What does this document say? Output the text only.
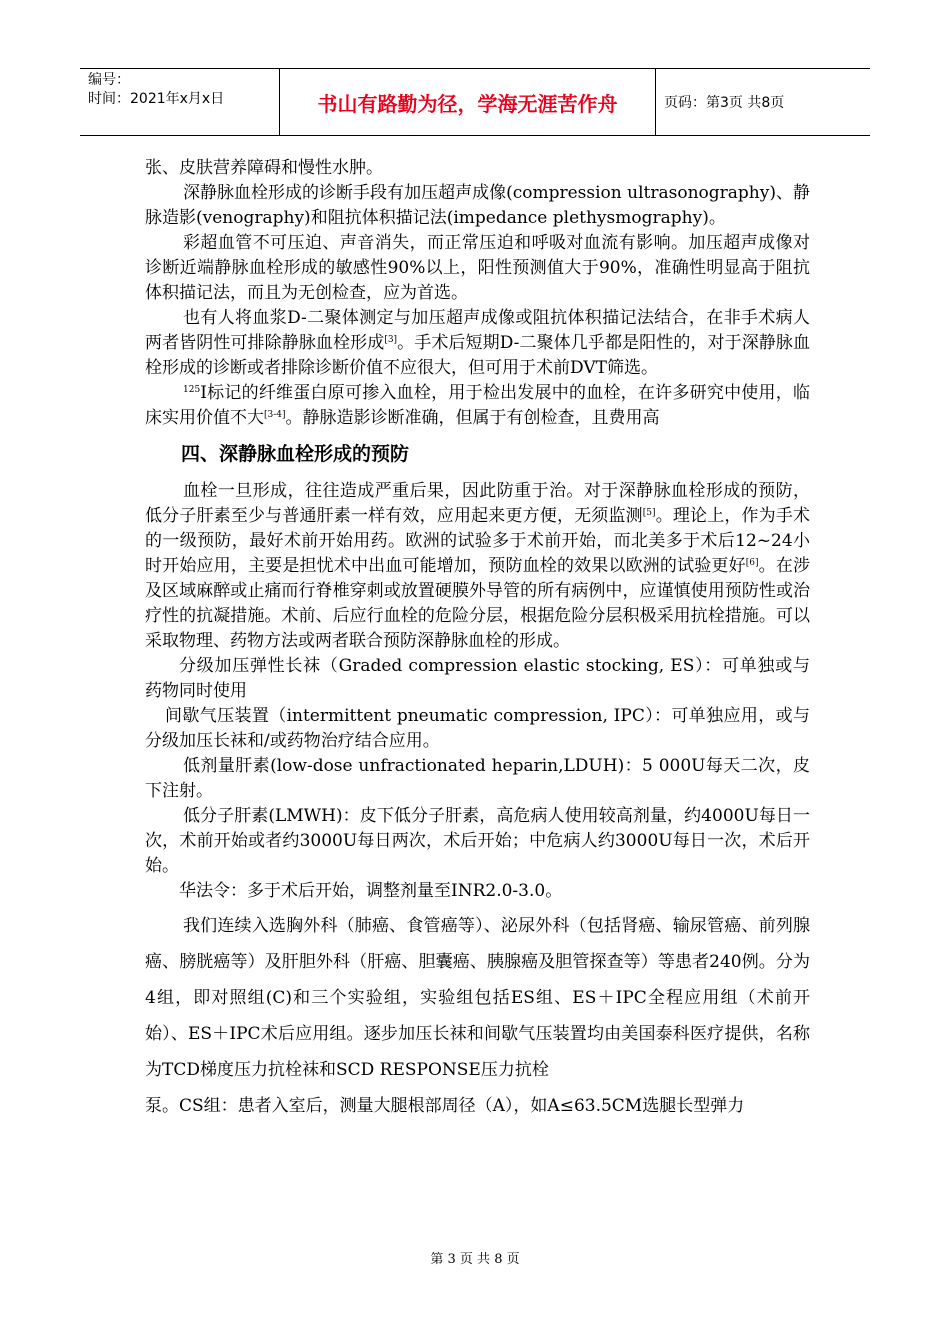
编号：
时间：2021年x月x日	书山有路勤为径，学海无涯苦作舟	页码：第3页 共8页

张、皮肤营养障碍和慢性水肿。

深静脉血栓形成的诊断手段有加压超声成像(compression ultrasonography)、静脉造影(venography)和阻抗体积描记法(impedance plethysmography)。

彩超血管不可压迫、声音消失，而正常压迫和呼吸对血流有影响。加压超声成像对诊断近端静脉血栓形成的敏感性90%以上，阳性预测值大于90%，准确性明显高于阻抗体积描记法，而且为无创检查，应为首选。

也有人将血浆D-二聚体测定与加压超声成像或阻抗体积描记法结合，在非手术病人两者皆阴性可排除静脉血栓形成[3]。手术后短期D-二聚体几乎都是阳性的，对于深静脉血栓形成的诊断或者排除诊断价值不应很大，但可用于术前DVT筛选。

$^{125}$I标记的纤维蛋白原可掺入血栓，用于检出发展中的血栓，在许多研究中使用，临床实用价值不大[3-4]。静脉造影诊断准确，但属于有创检查，且费用高

四、深静脉血栓形成的预防

血栓一旦形成，往往造成严重后果，因此防重于治。对于深静脉血栓形成的预防，低分子肝素至少与普通肝素一样有效，应用起来更方便，无须监测[5]。理论上，作为手术的一级预防，最好术前开始用药。欧洲的试验多于术前开始，而北美多于术后12~24小时开始应用，主要是担忧术中出血可能增加，预防血栓的效果以欧洲的试验更好[6]。在涉及区域麻醉或止痛而行脊椎穿刺或放置硬膜外导管的所有病例中，应谨慎使用预防性或治疗性的抗凝措施。术前、后应行血栓的危险分层，根据危险分层积极采用抗栓措施。可以采取物理、药物方法或两者联合预防深静脉血栓的形成。

分级加压弹性长袜（Graded compression elastic stocking, ES）：可单独或与药物同时使用

间歇气压装置（intermittent pneumatic compression, IPC）：可单独应用，或与分级加压长袜和/或药物治疗结合应用。

低剂量肝素(low-dose unfractionated heparin,LDUH)：5 000U每天二次，皮下注射。

低分子肝素(LMWH)：皮下低分子肝素，高危病人使用较高剂量，约4000U每日一次，术前开始或者约3000U每日两次，术后开始；中危病人约3000U每日一次，术后开始。

华法令：多于术后开始，调整剂量至INR2.0-3.0。

我们连续入选胸外科（肺癌、食管癌等）、泌尿外科（包括肾癌、输尿管癌、前列腺癌、膀胱癌等）及肝胆外科（肝癌、胆囊癌、胰腺癌及胆管探查等）等患者240例。分为4组，即对照组(C)和三个实验组，实验组包括ES组、ES＋IPC全程应用组（术前开始）、ES＋IPC术后应用组。逐步加压长袜和间歇气压装置均由美国泰科医疗提供，名称为TCD梯度压力抗栓袜和SCD RESPONSE压力抗栓

泵。CS组：患者入室后，测量大腿根部周径（A），如A≤63.5CM选腿长型弹力

第 3 页 共 8 页
